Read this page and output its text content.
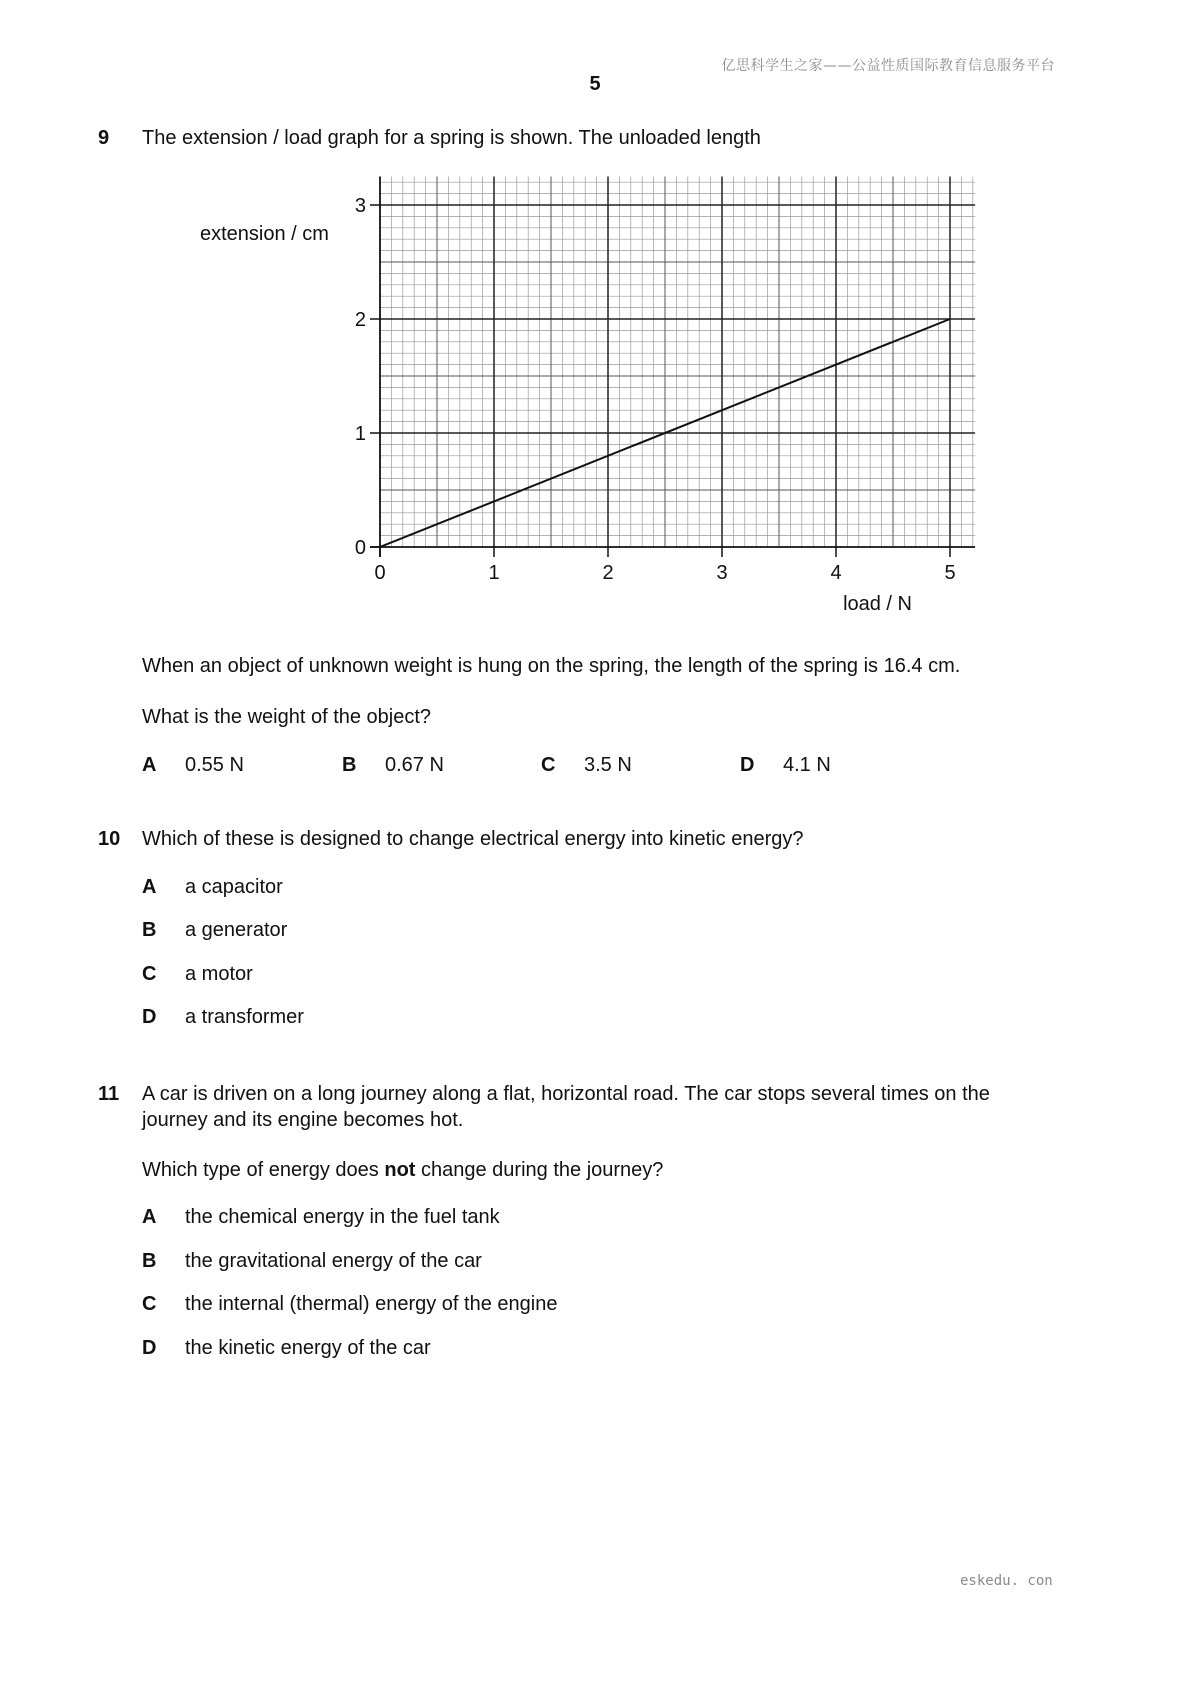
亿思科学生之家——公益性质国际教育信息服务平台
5
9 The extension / load graph for a spring is shown. The unloaded length
0	1	2	3	4	5
0
1
2
3
extension / cm
load / N
When an object of unknown weight is hung on the spring, the length of the spring is 16.4 cm.
What is the weight of the object?
A 0.55 N	B 0.67 N	C 3.5 N	D 4.1 N
10 Which of these is designed to change electrical energy into kinetic energy?
A a capacitor
B a generator
C a motor
D a transformer
11 A car is driven on a long journey along a flat, horizontal road. The car stops several times on the
journey and its engine becomes hot.
Which type of energy does not change during the journey?
A the chemical energy in the fuel tank
B the gravitational energy of the car
C the internal (thermal) energy of the engine
D the kinetic energy of the car
eskedu. con
